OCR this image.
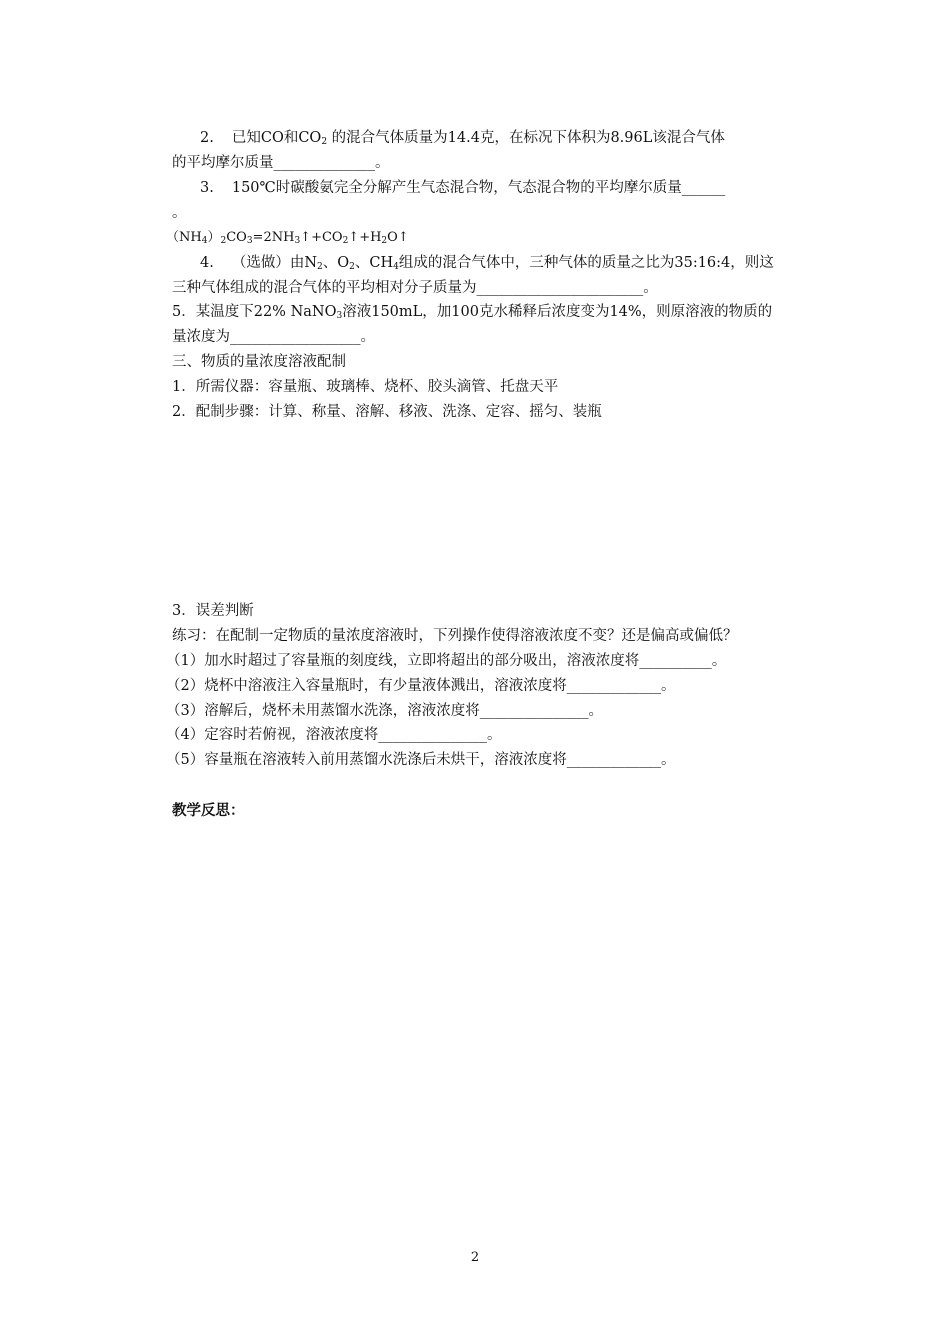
2. 已知CO和$CO_2$ 的混合气体质量为14.4克，在标况下体积为8.96L该混合气体
的平均摩尔质量______________。
3. 150℃时碳酸氨完全分解产生气态混合物，气态混合物的平均摩尔质量______
。
$(NH_4)_2CO_3=2NH_3↑+CO_2↑+H_2O↑$
4. （选做）由$N_2$、$O_2$、$CH_4$组成的混合气体中，三种气体的质量之比为35:16:4，则这
三种气体组成的混合气体的平均相对分子质量为_______________________。
5．某温度下22% NaNO$_3$溶液150mL，加100克水稀释后浓度变为14%，则原溶液的物质的
量浓度为__________________。
三、物质的量浓度溶液配制
1．所需仪器：容量瓶、玻璃棒、烧杯、胶头滴管、托盘天平
2．配制步骤：计算、称量、溶解、移液、洗涤、定容、摇匀、装瓶
3．误差判断
练习：在配制一定物质的量浓度溶液时，下列操作使得溶液浓度不变？还是偏高或偏低？
（1）加水时超过了容量瓶的刻度线，立即将超出的部分吸出，溶液浓度将__________。
（2）烧杯中溶液注入容量瓶时，有少量液体溅出，溶液浓度将_____________。
（3）溶解后，烧杯未用蒸馏水洗涤，溶液浓度将_______________。
（4）定容时若俯视，溶液浓度将_______________。
（5）容量瓶在溶液转入前用蒸馏水洗涤后未烘干，溶液浓度将_____________。
教学反思：
2
